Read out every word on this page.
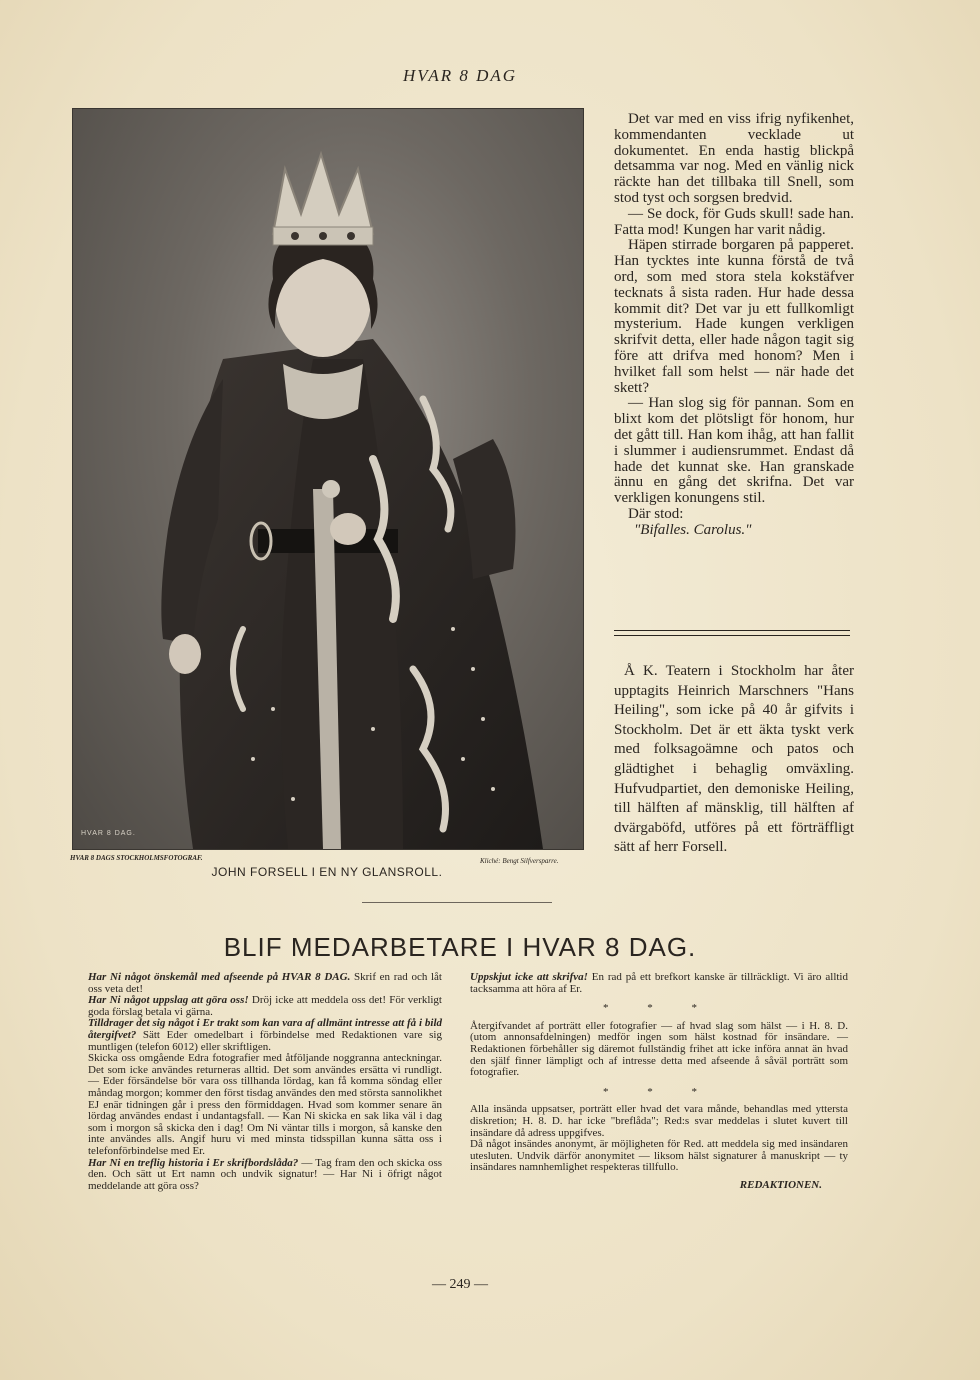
HVAR 8 DAG
HVAR 8 DAG.
HVAR 8 DAGS STOCKHOLMSFOTOGRAF.	Kliché: Bengt Silfversparre.
JOHN FORSELL I EN NY GLANSROLL.

Det var med en viss ifrig nyfikenhet, kommendanten vecklade ut dokumentet. En enda hastig blickpå detsamma var nog. Med en vänlig nick räckte han det tillbaka till Snell, som stod tyst och sorgsen bredvid.

— Se dock, för Guds skull! sade han. Fatta mod! Kungen har varit nådig.

Häpen stirrade borgaren på papperet. Han tycktes inte kunna förstå de två ord, som med stora stela kokstäfver tecknats å sista raden. Hur hade dessa kommit dit? Det var ju ett fullkomligt mysterium. Hade kungen verkligen skrifvit detta, eller hade någon tagit sig före att drifva med honom? Men i hvilket fall som helst — när hade det skett?

— Han slog sig för pannan. Som en blixt kom det plötsligt för honom, hur det gått till. Han kom ihåg, att han fallit i slummer i audiensrummet. Endast då hade det kunnat ske. Han granskade ännu en gång det skrifna. Det var verkligen konungens stil.

Där stod:

"Bifalles. Carolus."

Å K. Teatern i Stockholm har åter upptagits Heinrich Marschners "Hans Heiling", som icke på 40 år gifvits i Stockholm. Det är ett äkta tyskt verk med folksagoämne och patos och glädtighet i behaglig omväxling. Hufvudpartiet, den demoniske Heiling, till hälften af mänsklig, till hälften af dvärgaböfd, utföres på ett förträffligt sätt af herr Forsell.

BLIF MEDARBETARE I HVAR 8 DAG.

Har Ni något önskemål med afseende på HVAR 8 DAG. Skrif en rad och låt oss veta det!

Har Ni något uppslag att göra oss! Dröj icke att meddela oss det! För verkligt goda förslag betala vi gärna.

Tilldrager det sig något i Er trakt som kan vara af allmänt intresse att få i bild återgifvet? Sätt Eder omedelbart i förbindelse med Redaktionen vare sig muntligen (telefon 6012) eller skriftligen.

Skicka oss omgående Edra fotografier med åtföljande noggranna anteckningar. Det som icke användes returneras alltid. Det som användes ersätta vi rundligt. — Eder försändelse bör vara oss tillhanda lördag, kan få komma söndag eller måndag morgon; kommer den först tisdag användes den med största sannolikhet EJ enär tidningen går i press den förmiddagen. Hvad som kommer senare än lördag användes endast i undantagsfall. — Kan Ni skicka en sak lika väl i dag som i morgon så skicka den i dag! Om Ni väntar tills i morgon, så kanske den inte användes alls. Angif huru vi med minsta tidsspillan kunna sätta oss i telefonförbindelse med Er.

Har Ni en treflig historia i Er skrifbordslåda? — Tag fram den och skicka oss den. Och sätt ut Ert namn och undvik signatur! — Har Ni i öfrigt något meddelande att göra oss?

Uppskjut icke att skrifva! En rad på ett brefkort kanske är tillräckligt. Vi äro alltid tacksamma att höra af Er.

* * *

Återgifvandet af porträtt eller fotografier — af hvad slag som hälst — i H. 8. D. (utom annonsafdelningen) medför ingen som hälst kostnad för insändare. — Redaktionen förbehåller sig däremot fullständig frihet att icke införa annat än hvad den själf finner lämpligt och af intresse detta med afseende å såväl porträtt som fotografier.

* * *

Alla insända uppsatser, porträtt eller hvad det vara månde, behandlas med yttersta diskretion; H. 8. D. har icke "breflåda"; Red:s svar meddelas i slutet kuvert till insändare då adress uppgifves.

Då något insändes anonymt, är möjligheten för Red. att meddela sig med insändaren utesluten. Undvik därför anonymitet — liksom hälst signaturer å manuskript — ty insändares namnhemlighet respekteras tillfullo.

REDAKTIONEN.

— 249 —
